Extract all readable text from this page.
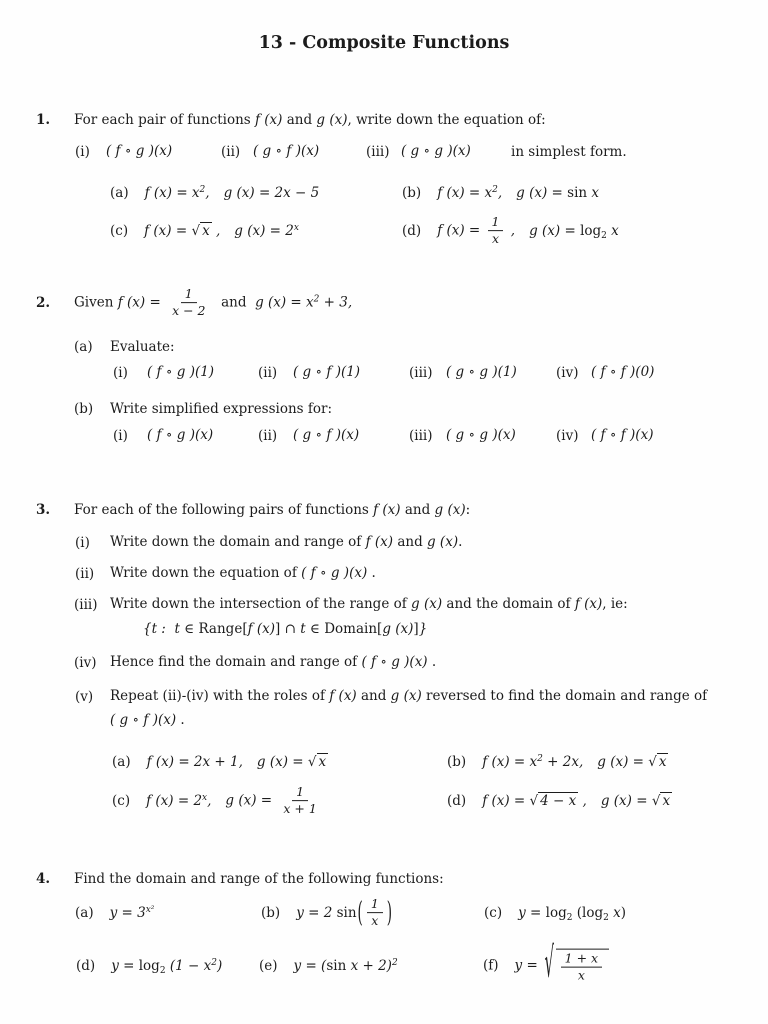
13 - Composite Functions
1. For each pair of functions f (x) and g (x), write down the equation of:
(i) ( f ∘ g )(x)	(ii) ( g ∘ f )(x)	(iii) ( g ∘ g )(x)	in simplest form.
(a) f $(x) = x^2$, g (x) = 2x − 5	(b) f $(x) = x^2$, g (x) = sin x
(c) f (x) = √ x , g $(x) = 2^x$	(d) f $(x) = \frac{1}{x}$ , g $(x) = \log_2 x$
2. Given f $(x) = \frac{1}{x - 2}$ and  g $(x) = x^2 + 3$,
(a) Evaluate:
(i) ( f ∘ g )(1)	(ii) ( g ∘ f )(1)	(iii) ( g ∘ g )(1)	(iv) ( f ∘ f )(0)
(b) Write simplified expressions for:
(i) ( f ∘ g )(x)	(ii) ( g ∘ f )(x)	(iii) ( g ∘ g )(x)	(iv) ( f ∘ f )(x)
3. For each of the following pairs of functions f (x) and g (x):
(i) Write down the domain and range of f (x) and g (x).
(ii) Write down the equation of ( f ∘ g )(x) .
(iii) Write down the intersection of the range of g (x) and the domain of f (x), ie:
{t :  t ∈ Range[f (x)] ∩ t ∈ Domain[g (x)]}
(iv) Hence find the domain and range of ( f ∘ g )(x) .
(v) Repeat (ii)-(iv) with the roles of f (x) and g (x) reversed to find the domain and range of
( g ∘ f )(x) .
(a) f (x) = 2x + 1, g (x) = √ x	(b) f $(x) = x^2 + 2x$, g (x) = √ x
(c) f $(x) = 2^x$, g $(x) = \frac{1}{x + 1}$	(d) f (x) = √ 4 − x , g (x) = √ x
4. Find the domain and range of the following functions:
(a) $y = 3^{x^2}$	(b) y = 2 sin ( $\frac{1}{x}$ )	(c) $y = \log_2 (\log_2$ x)
(d) $y = \log_2 (1 - x^2)$	(e) y = (sin x + 2)$^2$	(f) y = √ $\frac{1 + x}{x}$
